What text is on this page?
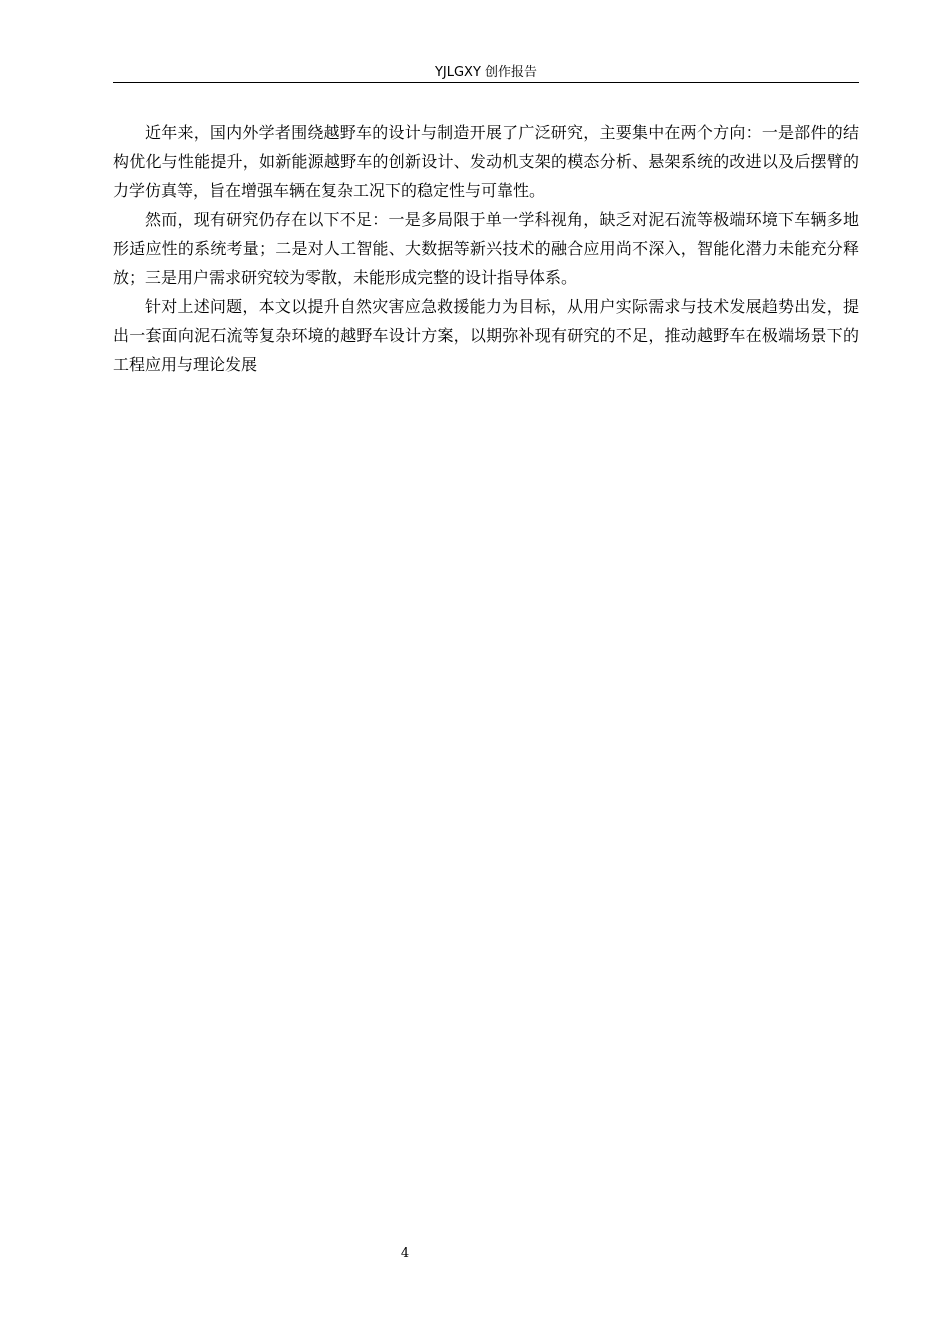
YJLGXY 创作报告

近年来，国内外学者围绕越野车的设计与制造开展了广泛研究，主要集中在两个方向：一是部件的结构优化与性能提升，如新能源越野车的创新设计、发动机支架的模态分析、悬架系统的改进以及后摆臂的力学仿真等，旨在增强车辆在复杂工况下的稳定性与可靠性。

然而，现有研究仍存在以下不足：一是多局限于单一学科视角，缺乏对泥石流等极端环境下车辆多地形适应性的系统考量；二是对人工智能、大数据等新兴技术的融合应用尚不深入，智能化潜力未能充分释放；三是用户需求研究较为零散，未能形成完整的设计指导体系。

针对上述问题，本文以提升自然灾害应急救援能力为目标，从用户实际需求与技术发展趋势出发，提出一套面向泥石流等复杂环境的越野车设计方案，以期弥补现有研究的不足，推动越野车在极端场景下的工程应用与理论发展

4
